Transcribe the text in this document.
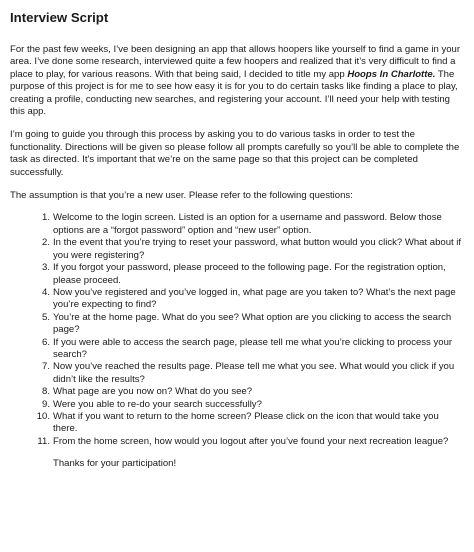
Interview Script

For the past few weeks, I’ve been designing an app that allows hoopers like yourself to find a game in your area. I’ve done some research, interviewed quite a few hoopers and realized that it’s very difficult to find a place to play, for various reasons. With that being said, I decided to title my app Hoops In Charlotte. The purpose of this project is for me to see how easy it is for you to do certain tasks like finding a place to play, creating a profile, conducting new searches, and registering your account. I’ll need your help with testing this app.

I’m going to guide you through this process by asking you to do various tasks in order to test the functionality. Directions will be given so please follow all prompts carefully so you’ll be able to complete the task as directed. It’s important that we’re on the same page so that this project can be completed successfully.

The assumption is that you’re a new user. Please refer to the following questions:

1. Welcome to the login screen. Listed is an option for a username and password. Below those options are a “forgot password” option and “new user” option.
2. In the event that you’re trying to reset your password, what button would you click? What about if you were registering?
3. If you forgot your password, please proceed to the following page. For the registration option, please proceed.
4. Now you’ve registered and you’ve logged in, what page are you taken to? What’s the next page you’re expecting to find?
5. You’re at the home page. What do you see? What option are you clicking to access the search page?
6. If you were able to access the search page, please tell me what you’re clicking to process your search?
7. Now you’ve reached the results page. Please tell me what you see. What would you click if you didn’t like the results?
8. What page are you now on? What do you see?
9. Were you able to re-do your search successfully?
10. What if you want to return to the home screen? Please click on the icon that would take you there.
11. From the home screen, how would you logout after you’ve found your next recreation league?

Thanks for your participation!
